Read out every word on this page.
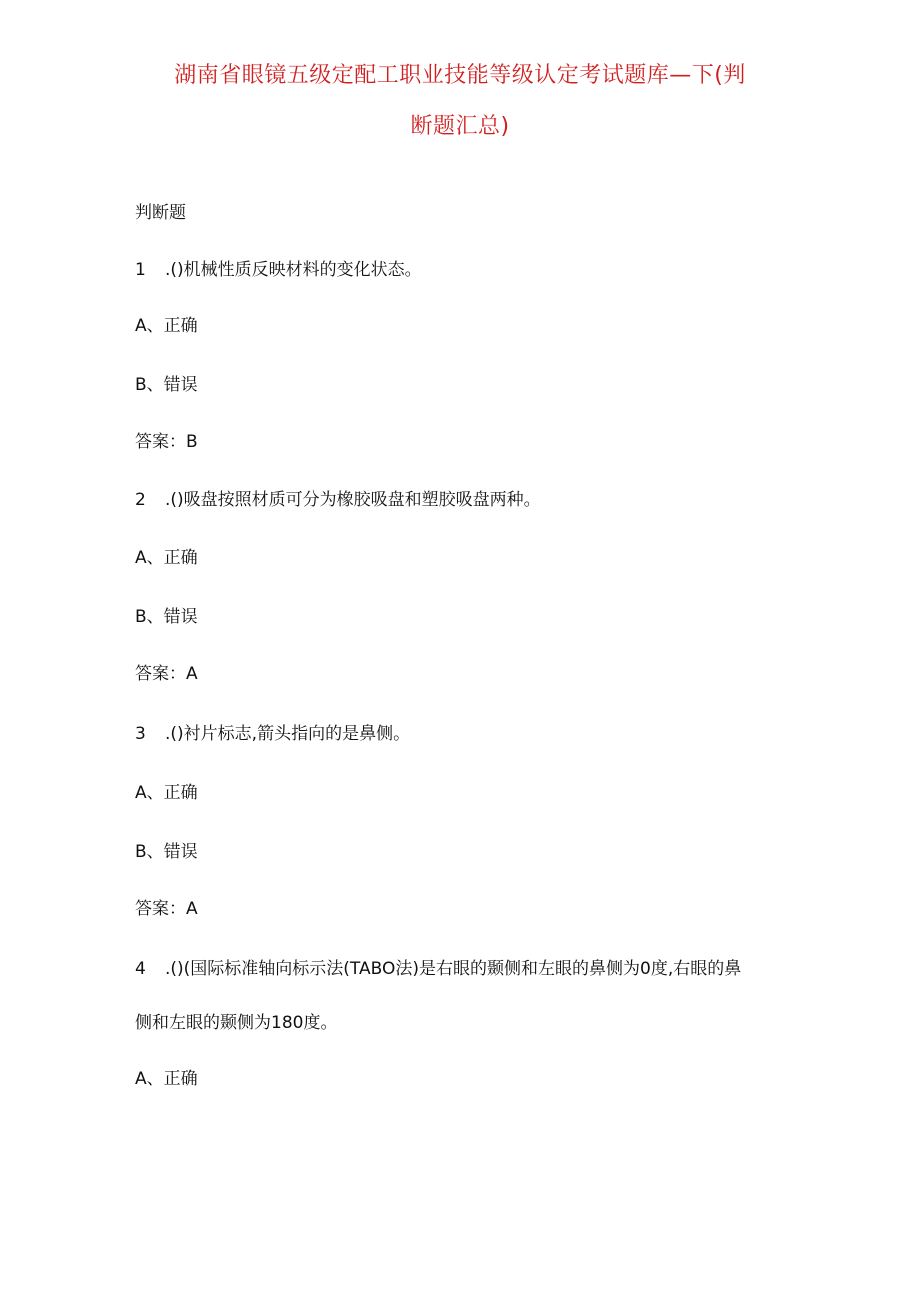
湖南省眼镜五级定配工职业技能等级认定考试题库—下(判
断题汇总)
判断题
1 .()机械性质反映材料的变化状态。
A、正确
B、错误
答案：B
2 .()吸盘按照材质可分为橡胶吸盘和塑胶吸盘两种。
A、正确
B、错误
答案：A
3 .()衬片标志,箭头指向的是鼻侧。
A、正确
B、错误
答案：A
4 .()(国际标准轴向标示法(TABO法)是右眼的颞侧和左眼的鼻侧为0度,右眼的鼻
侧和左眼的颞侧为180度。
A、正确
